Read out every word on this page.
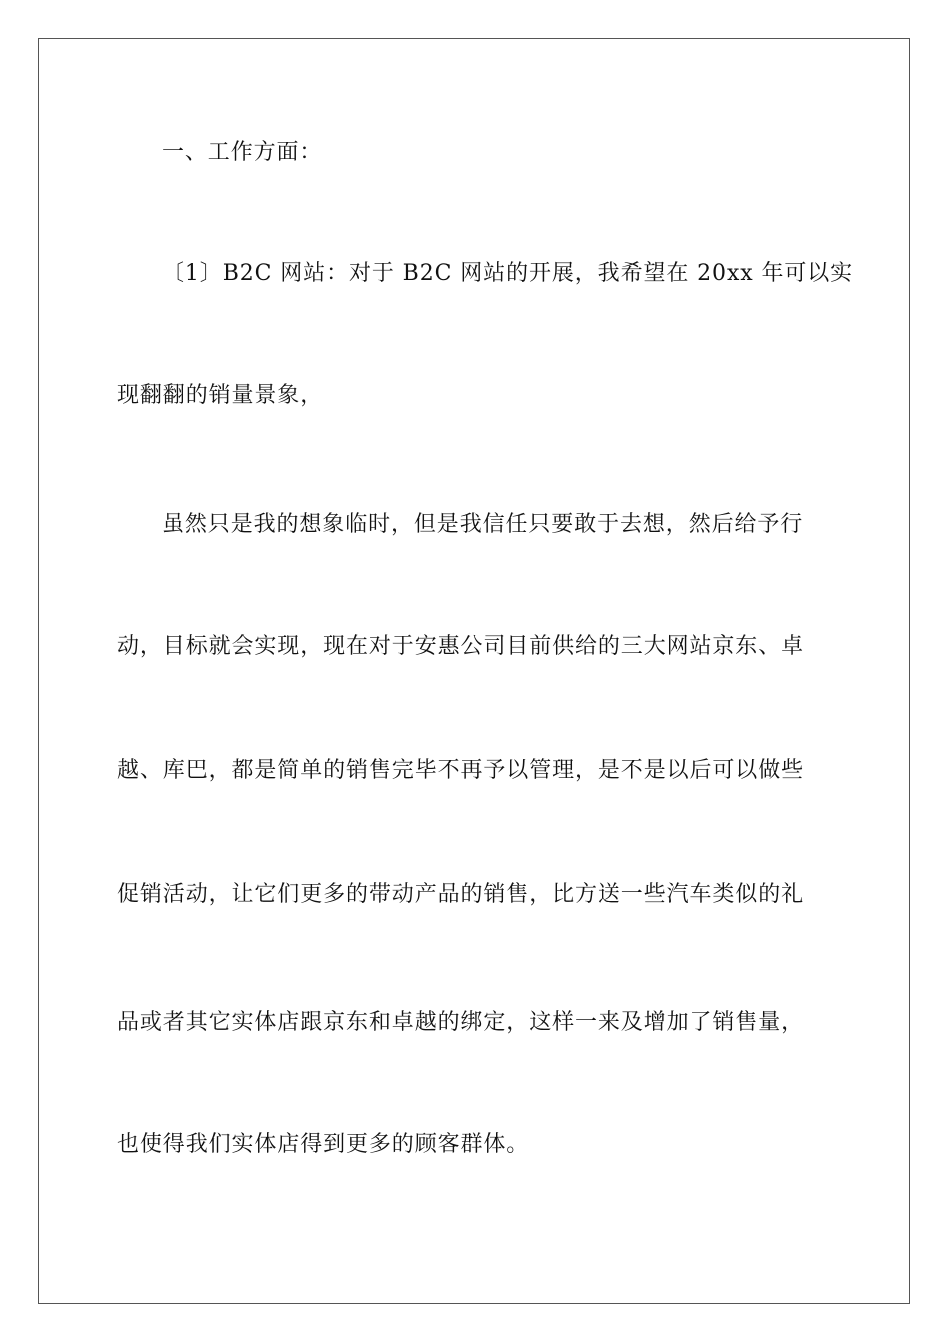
一、工作方面：
〔1〕B2C 网站：对于 B2C 网站的开展，我希望在 20xx 年可以实
现翻翻的销量景象，
虽然只是我的想象临时，但是我信任只要敢于去想，然后给予行
动，目标就会实现，现在对于安惠公司目前供给的三大网站京东、卓
越、库巴，都是简单的销售完毕不再予以管理，是不是以后可以做些
促销活动，让它们更多的带动产品的销售，比方送一些汽车类似的礼
品或者其它实体店跟京东和卓越的绑定，这样一来及增加了销售量，
也使得我们实体店得到更多的顾客群体。
